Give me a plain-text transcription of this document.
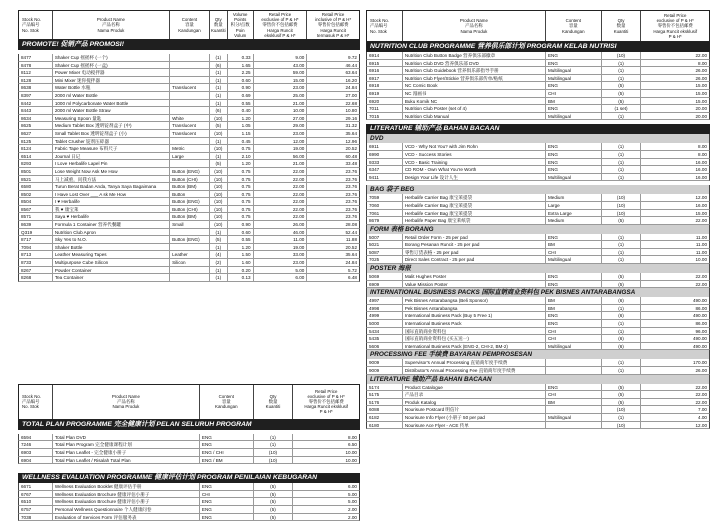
Stock No.
产品编号
No. Stok
Product Name
产品名称
Nama Produk
Content
容量
Kandungan
Qty
数量
Kuantiti
Volume
Points
积分/点数
Poin
Volum
Retail Price
exclusive of P & H*
零售价不包括邮费
Harga Runcit
eksklusif P & H*
Retail Price
inclusive of P & H*
零售价包括邮费
Harga Runcit
termasuk P & H*
PROMOTE! 促销产品 PROMOSI!
8477	Shaker Cup 摇摇杯 (一个)	(1)	0.33	9.00	9.72
8478	Shaker Cup 摇摇杯 (一盒)	(6)	1.65	43.00	46.44
8112	Power Mixer 电动搅拌器	(1)	2.25	59.00	63.64
8128	Mini Mixer 迷你搅拌器	(1)	0.60	15.00	16.20
8638	Water Bottle 水瓶	Translucent	(1)	0.90	23.00	24.84
8397	2000 ml Water Bottle	(1)	0.69	25.00	27.00
8442	1000 ml Polycarbonate Water Bottle	(1)	0.55	21.00	22.68
8443	2000 ml Water Bottle Straw	(6)	0.40	10.00	10.80
8634	Measuring Spoon 量匙	White	(10)	1.20	27.00	29.16
8625	Medium Tablet Box 透明锭剂盒子 (中)	Translucent	(5)	1.05	29.00	31.32
8627	Small Tablet Box 透明锭剂盒子 (小)	Translucent	(10)	1.15	23.00	35.64
8125	Tablet Crusher 锭剂压碎器	(1)	0.45	12.00	12.96
8124	Fabric Tape Measure 布料尺子	Metric	(10)	0.75	19.00	20.52
6514	Journal 日记	Large	(1)	2.10	56.00	60.48
8293	I Love Herbalife Lapel Pin	(5)	1.20	21.00	33.48
8501	Lose Weight Now Ask Me How	Button (ENG)	(10)	0.75	22.00	23.76
8521	马上减重，问我方法	Button (CHI)	(10)	0.75	22.00	23.76
6580	Turun Berat Badan Anda, Tanya Saya Bagaimana	Button (BM)	(10)	0.75	22.00	23.76
8502	I Have Lost Over ___ A sk Me How	Button	(10)	0.75	22.00	23.76
8504	I ♥ Herbalife	Button (ENG)	(10)	0.75	22.00	23.76
8567	我 ♥ 康宝莱	Button (CHI)	(10)	0.75	22.00	23.76
8571	Saya ♥ Herbalife	Button (BM)	(10)	0.75	22.00	23.76
8639	Formula 1 Container 营养代餐罐	Small	(10)	0.90	26.00	28.08
Q319	Nutrition Club Apron	(1)	0.60	46.00	52.44
8717	Sky Yes to N.O.	Button (ENG)	(5)	0.55	11.00	11.88
7094	Shaker Bottle	(1)	1.20	19.00	20.52
8713	Leather Measuring Tapes	Leather	(4)	1.50	33.00	35.64
8733	Multipurpose Cube Silicon	Silicon	(2)	1.60	23.00	24.84
8267	Powder Container	(1)	0.20	5.00	5.72
8268	Tea Container	(1)	0.13	6.00	6.48
Stock No.
产品编号
No. Stok
Product Name
产品名称
Nama Produk
Content
容量
Kandungan
Qty
数量
Kuantiti
Retail Price
exclusive of P & H*
零售价不包括邮费
Harga Runcit eksklusif
P & H*
TOTAL PLAN PROGRAMME 完全健康计划 PELAN SELURUH PROGRAM
6594	Total Plan DVD	ENG	(1)	8.00
7246	Total Plan Program 完全健康课程计划	ENG	(1)	6.50
6903	Total Plan Leaflet - 完全健康小册子	ENG / CHI	(10)	10.00
6904	Total Plan Leaflet / Risalah Total Plan	ENG / BM	(10)	10.00
WELLNESS EVALUATION PROGRAMME 健康评估计划 PROGRAM PENILAIAN KEBUGARAN
6671	Wellness Evaluation Booklet 健康评估手册	ENG	(5)	6.00
6767	Wellness Evaluation Brochure 健康评估小册子	CHI	(5)	5.00
6510	Wellness Evaluation Brochure 健康评估小册子	ENG	(5)	5.00
6757	Personal Wellness Questionnaire 个人健康问卷	ENG	(5)	2.00
7038	Evaluation of Services Form 评估服务表	ENG	(5)	2.00
Stock No.
产品编号
No. Stok
Product Name
产品名称
Nama Produk
Content
容量
Kandungan
Qty
数量
Kuantiti
Retail Price
exclusive of P & H*
零售价不包括邮费
Harga Runcit eksklusif
P & H*
NUTRITION CLUB PROGRAMME 营养俱乐部计划 PROGRAM KELAB NUTRISI
6914	Nutrition Club Button Badge 营养俱乐部徽章	ENG	(10)	22.00
6915	Nutrition Club DVD 营养俱乐部 DVD	ENG	(1)	8.00
6916	Nutrition Club Guidebook 营养俱乐部指导手册	Multilingual	(1)	26.00
6917	Nutrition Club Flyer/Stickie 营养俱乐部传单/贴纸	Multilingual	(1)	26.00
6918	NC Comic Book	ENG	(5)	15.00
6919	NC 漫画书	CHI	(5)	15.00
6920	Buku Komik NC	BM	(5)	15.00
7011	Nutrition Club Poster (set of 4)	ENG	(1 set)	20.00
7015	Nutrition Club Manual	Multilingual	(1)	20.00
LITERATURE 辅助产品 BAHAN BACAAN
DVD
6911	VCD - Why Not You? with Jim Rohn	ENG	(1)	8.00
6990	VCD - Success Stories	ENG	(1)	8.00
9333	VCD - Basic Training	ENG	(1)	16.00
6347	CD ROM - Own What You're Worth	ENG	(1)	16.00
9411	Design Your Life 设计人生	Multilingual	(1)	16.00
BAG 袋子 BEG
7059	Herbalife Carrier Bag 康宝莱提袋	Medium	(10)	12.00
7060	Herbalife Carrier Bag 康宝莱提袋	Large	(10)	16.00
7061	Herbalife Carrier Bag 康宝莱提袋	Extra Large	(10)	15.00
8679	Herbalife Paper Bag 康宝莱纸袋	Medium	(5)	22.00
FORM 表格 BORANG
5007	Retail Order Form - 25 per pad	ENG	(1)	11.00
5021	Borang Pesanan Runcit - 25 per pad	BM	(1)	11.00
5087	零售订货表格 - 25 per pad	CHI	(1)	11.00
7025	Direct Sales Contract - 25 per pad	Multilingual	(1)	10.00
POSTER 海报
5069	Malit Hughes Poster	ENG	(5)	22.00
6909	Value Mission Poster	ENG	(5)	22.00
INTERNATIONAL BUSINESS PACKS 国际直销商业资料包 PEK BISNES ANTARABANGSA
4997	Pek Bisnes Antarabangsa (Beli Sponsor)	BM	(6)	490.00
4998	Pek Bisnes Antarabangsa	BM	(1)	86.00
4999	International Business Pack (Buy 5 Free 1)	ENG	(6)	490.00
5000	International Business Pack	ENG	(1)	86.00
5434	国际直销商业资料包	CHI	(1)	96.00
5435	国际直销商业资料包 (买五送一)	CHI	(6)	490.00
5606	International Business Pack (ENG-2, CHI-2, BM-2)	Multilingual	(6)	490.00
PROCESSING FEE 手续费 BAYARAN PEMPROSESAN
9009	Supervisor's Annual Processing 直销商年度手续费	(1)	170.00
9009	Distributor's Annual Processing Fee 直销商年度手续费	(1)	26.00
LITERATURE 辅助产品 BAHAN BACAAN
5174	Product Catalogue	ENG	(5)	22.00
5175	产品目录	CHI	(5)	22.00
5176	Produk Katalog	BM	(5)	22.00
6088	Nourisure Postcard 明信片	(10)	7.00
6182	Nourisure Info Flyer (小册子 50 per pad	Multilingual	(1)	4.00
6180	Nourisure Ace Flyer - ACE 传单	(10)	12.00
